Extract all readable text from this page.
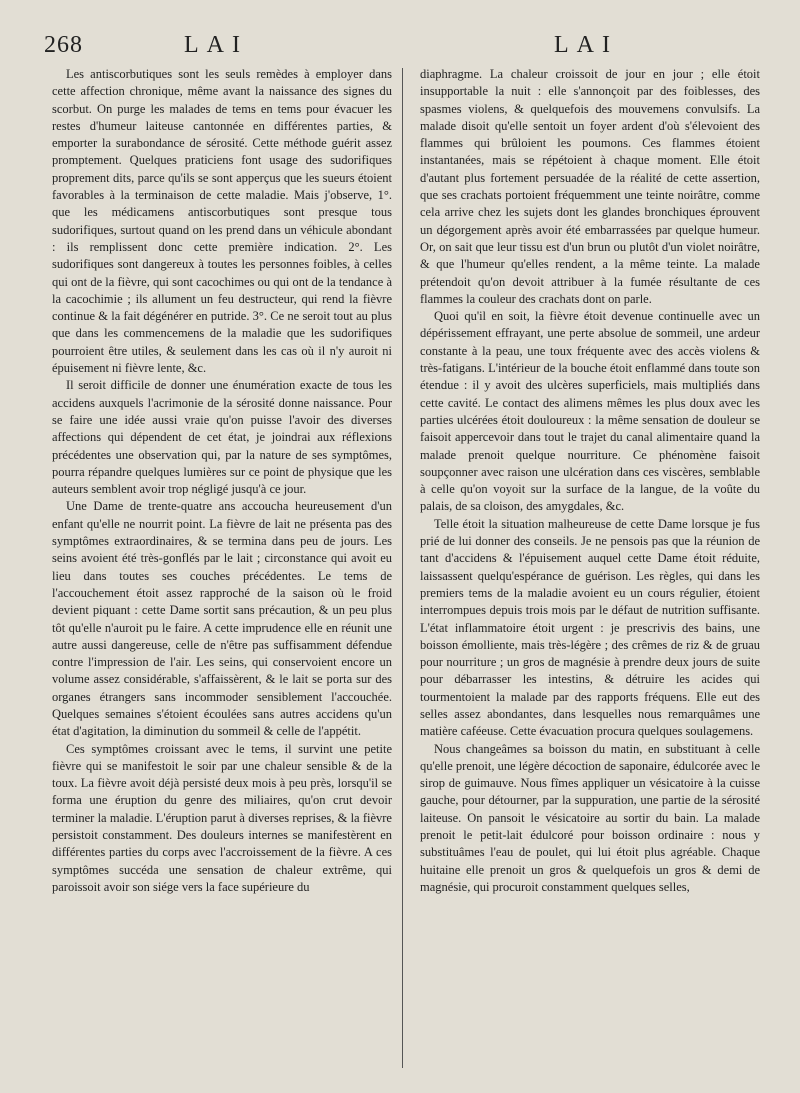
268	LAI	LAI

Les antiscorbutiques sont les seuls remèdes à employer dans cette affection chronique, même avant la naissance des signes du scorbut. On purge les malades de tems en tems pour évacuer les restes d'humeur laiteuse cantonnée en différentes parties, & emporter la surabondance de sérosité. Cette méthode guérit assez promptement. Quelques praticiens font usage des sudorifiques proprement dits, parce qu'ils se sont apperçus que les sueurs étoient favorables à la terminaison de cette maladie. Mais j'observe, 1°. que les médicamens antiscorbutiques sont presque tous sudorifiques, surtout quand on les prend dans un véhicule abondant : ils remplissent donc cette première indication. 2°. Les sudorifiques sont dangereux à toutes les personnes foibles, à celles qui ont de la fièvre, qui sont cacochimes ou qui ont de la tendance à la cacochimie ; ils allument un feu destructeur, qui rend la fièvre continue & la fait dégénérer en putride. 3°. Ce ne seroit tout au plus que dans les commencemens de la maladie que les sudorifiques pourroient être utiles, & seulement dans les cas où il n'y auroit ni épuisement ni fièvre lente, &c.

Il seroit difficile de donner une énumération exacte de tous les accidens auxquels l'acrimonie de la sérosité donne naissance. Pour se faire une idée aussi vraie qu'on puisse l'avoir des diverses affections qui dépendent de cet état, je joindrai aux réflexions précédentes une observation qui, par la nature de ses symptômes, pourra répandre quelques lumières sur ce point de physique que les auteurs semblent avoir trop négligé jusqu'à ce jour.

Une Dame de trente-quatre ans accoucha heureusement d'un enfant qu'elle ne nourrit point. La fièvre de lait ne présenta pas des symptômes extraordinaires, & se termina dans peu de jours. Les seins avoient été très-gonflés par le lait ; circonstance qui avoit eu lieu dans toutes ses couches précédentes. Le tems de l'accouchement étoit assez rapproché de la saison où le froid devient piquant : cette Dame sortit sans précaution, & un peu plus tôt qu'elle n'auroit pu le faire. A cette imprudence elle en réunit une autre aussi dangereuse, celle de n'être pas suffisamment défendue contre l'impression de l'air. Les seins, qui conservoient encore un volume assez considérable, s'affaissèrent, & le lait se porta sur des organes étrangers sans incommoder sensiblement l'accouchée. Quelques semaines s'étoient écoulées sans autres accidens qu'un état d'agitation, la diminution du sommeil & celle de l'appétit.

Ces symptômes croissant avec le tems, il survint une petite fièvre qui se manifestoit le soir par une chaleur sensible & de la toux. La fièvre avoit déjà persisté deux mois à peu près, lorsqu'il se forma une éruption du genre des miliaires, qu'on crut devoir terminer la maladie. L'éruption parut à diverses reprises, & la fièvre persistoit constamment. Des douleurs internes se manifestèrent en différentes parties du corps avec l'accroissement de la fièvre. A ces symptômes succéda une sensation de chaleur extrême, qui paroissoit avoir son siége vers la face supérieure du

diaphragme. La chaleur croissoit de jour en jour ; elle étoit insupportable la nuit : elle s'annonçoit par des foiblesses, des spasmes violens, & quelquefois des mouvemens convulsifs. La malade disoit qu'elle sentoit un foyer ardent d'où s'élevoient des flammes qui brûloient les poumons. Ces flammes étoient instantanées, mais se répétoient à chaque moment. Elle étoit d'autant plus fortement persuadée de la réalité de cette assertion, que ses crachats portoient fréquemment une teinte noirâtre, comme cela arrive chez les sujets dont les glandes bronchiques éprouvent un dégorgement après avoir été embarrassées par quelque humeur. Or, on sait que leur tissu est d'un brun ou plutôt d'un violet noirâtre, & que l'humeur qu'elles rendent, a la même teinte. La malade prétendoit qu'on devoit attribuer à la fumée résultante de ces flammes la couleur des crachats dont on parle.

Quoi qu'il en soit, la fièvre étoit devenue continuelle avec un dépérissement effrayant, une perte absolue de sommeil, une ardeur constante à la peau, une toux fréquente avec des accès violens & très-fatigans. L'intérieur de la bouche étoit enflammé dans toute son étendue : il y avoit des ulcères superficiels, mais multipliés dans cette cavité. Le contact des alimens mêmes les plus doux avec les parties ulcérées étoit douloureux : la même sensation de douleur se faisoit appercevoir dans tout le trajet du canal alimentaire quand la malade prenoit quelque nourriture. Ce phénomène faisoit soupçonner avec raison une ulcération dans ces viscères, semblable à celle qu'on voyoit sur la surface de la langue, de la voûte du palais, de sa cloison, des amygdales, &c.

Telle étoit la situation malheureuse de cette Dame lorsque je fus prié de lui donner des conseils. Je ne pensois pas que la réunion de tant d'accidens & l'épuisement auquel cette Dame étoit réduite, laissassent quelqu'espérance de guérison. Les règles, qui dans les premiers tems de la maladie avoient eu un cours régulier, étoient interrompues depuis trois mois par le défaut de nutrition suffisante. L'état inflammatoire étoit urgent : je prescrivis des bains, une boisson émolliente, mais très-légère ; des crêmes de riz & de gruau pour nourriture ; un gros de magnésie à prendre deux jours de suite pour débarrasser les intestins, & détruire les acides qui tourmentoient la malade par des rapports fréquens. Elle eut des selles assez abondantes, dans lesquelles nous remarquâmes une matière caféeuse. Cette évacuation procura quelques soulagemens.

Nous changeâmes sa boisson du matin, en substituant à celle qu'elle prenoit, une légère décoction de saponaire, édulcorée avec le sirop de guimauve. Nous fîmes appliquer un vésicatoire à la cuisse gauche, pour détourner, par la suppuration, une partie de la sérosité laiteuse. On pansoit le vésicatoire au sortir du bain. La malade prenoit le petit-lait édulcoré pour boisson ordinaire : nous y substituâmes l'eau de poulet, qui lui étoit plus agréable. Chaque huitaine elle prenoit un gros & quelquefois un gros & demi de magnésie, qui procuroit constamment quelques selles,
